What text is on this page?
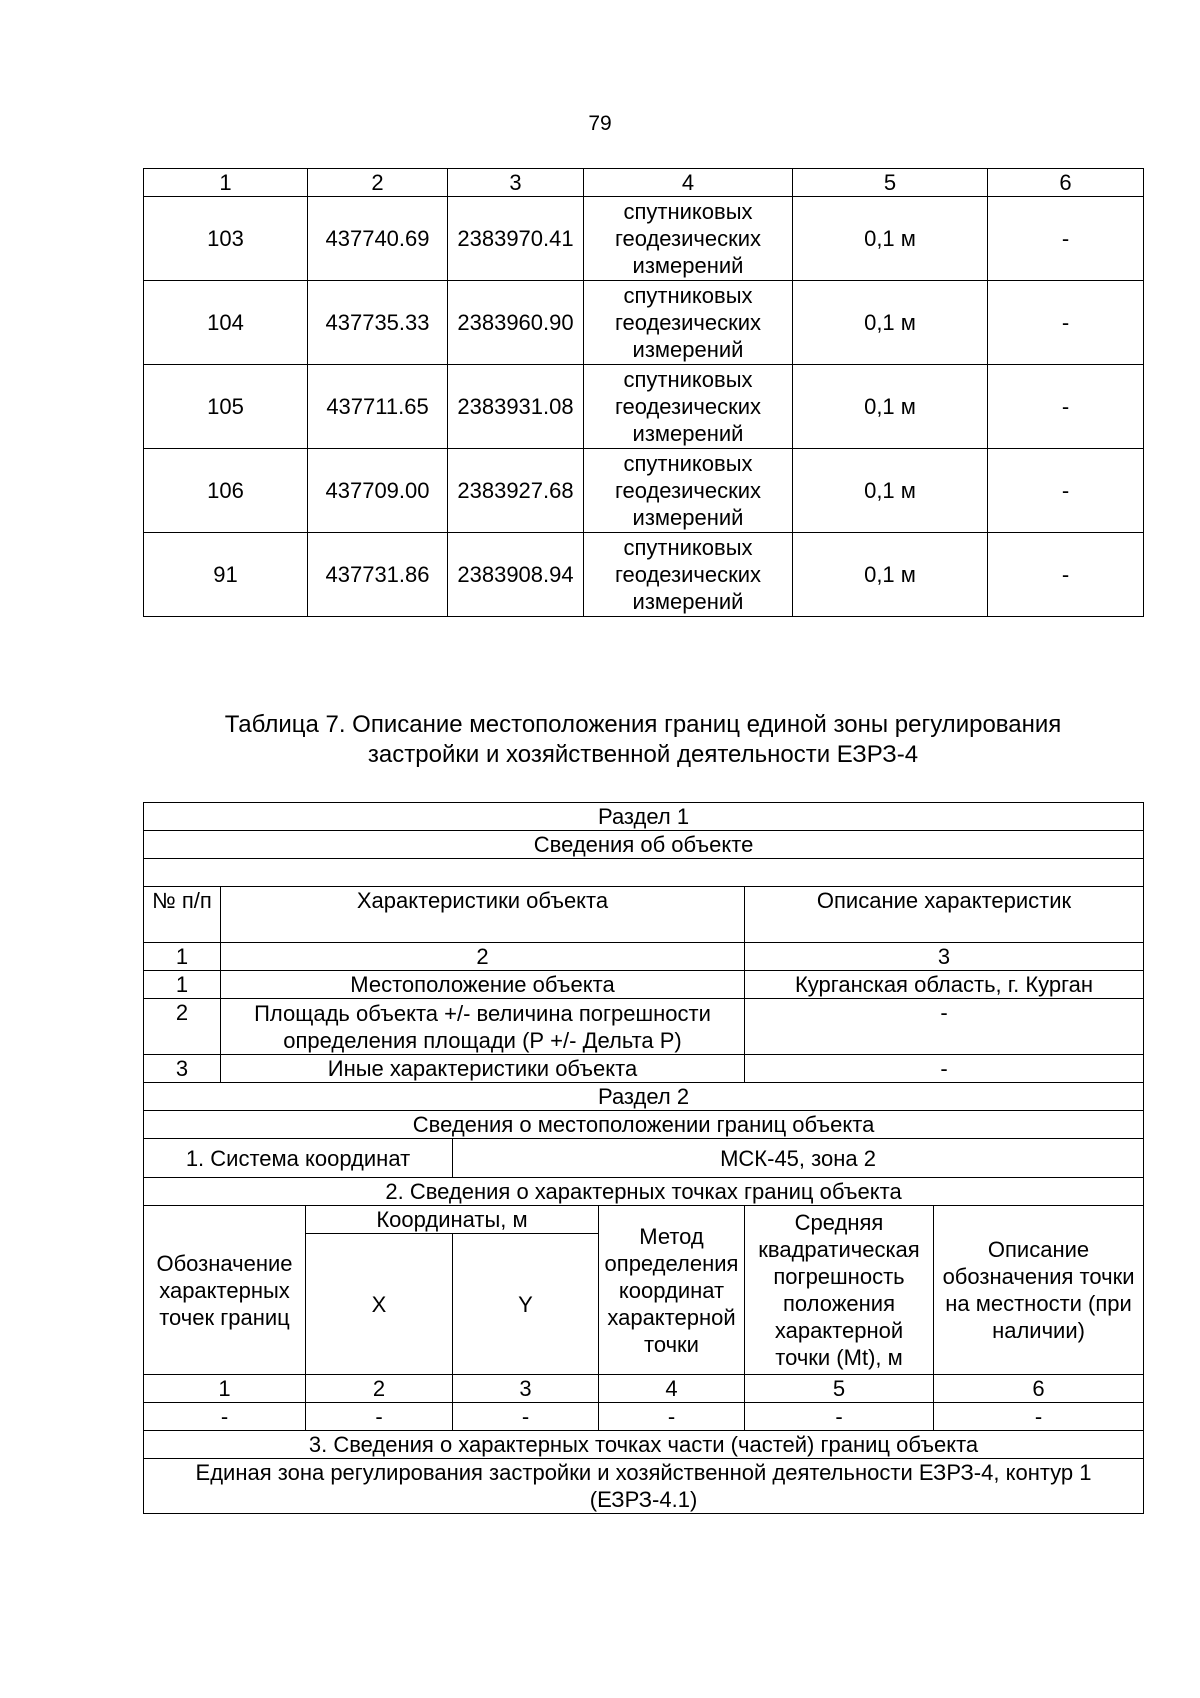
79
1	2	3	4	5	6
103	437740.69	2383970.41	спутниковых геодезических измерений	0,1 м	-
104	437735.33	2383960.90	спутниковых геодезических измерений	0,1 м	-
105	437711.65	2383931.08	спутниковых геодезических измерений	0,1 м	-
106	437709.00	2383927.68	спутниковых геодезических измерений	0,1 м	-
91	437731.86	2383908.94	спутниковых геодезических измерений	0,1 м	-
Таблица 7. Описание местоположения границ единой зоны регулирования
застройки и хозяйственной деятельности ЕЗРЗ-4
Раздел 1						
Сведения об объекте						

№ п/п	Характеристики объекта				Описание характеристик	
1	2				3	
1	Местоположение объекта				Курганская область, г. Курган	
2	Площадь объекта +/- величина погрешности определения площади (Р +/- Дельта Р)				-	
3	Иные характеристики объекта				-	
Раздел 2						
Сведения о местоположении границ объекта						
1. Система координат			МСК-45, зона 2			
2. Сведения о характерных точках границ объекта						
Обозначение характерных точек границ		Координаты, м		Метод определения координат характерной точки	Средняя квадратическая погрешность положения характерной точки (Mt), м	Описание обозначения точки на местности (при наличии)
		X	Y			
1		2	3	4	5	6
-		-	-	-	-	-
3. Сведения о характерных точках части (частей) границ объекта						
Единая зона регулирования застройки и хозяйственной деятельности ЕЗРЗ-4, контур 1 (ЕЗРЗ-4.1)						
